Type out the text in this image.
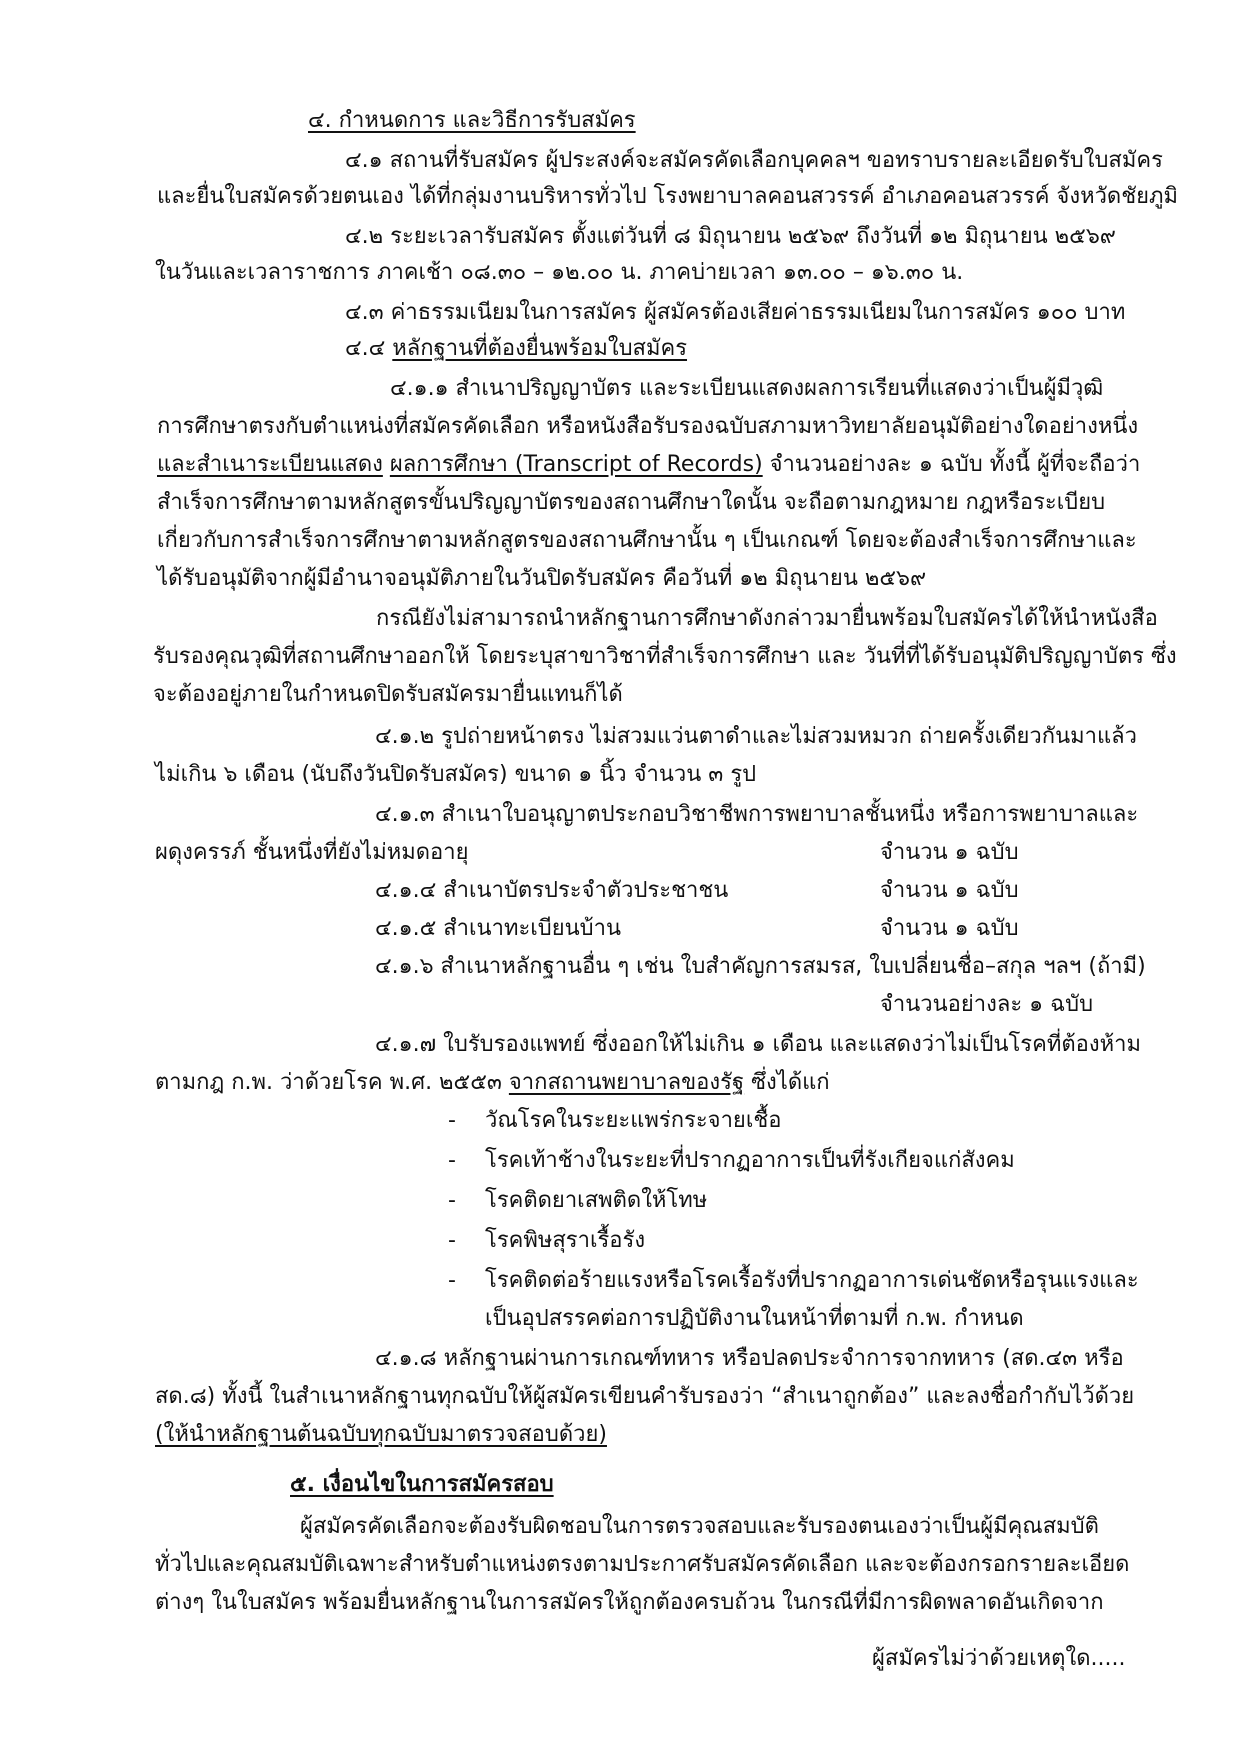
๔. กำหนดการ และวิธีการรับสมัคร
๔.๑ สถานที่รับสมัคร ผู้ประสงค์จะสมัครคัดเลือกบุคคลฯ ขอทราบรายละเอียดรับใบสมัคร
และยื่นใบสมัครด้วยตนเอง ได้ที่กลุ่มงานบริหารทั่วไป โรงพยาบาลคอนสวรรค์ อำเภอคอนสวรรค์ จังหวัดชัยภูมิ
๔.๒ ระยะเวลารับสมัคร ตั้งแต่วันที่ ๘ มิถุนายน ๒๕๖๙ ถึงวันที่ ๑๒ มิถุนายน ๒๕๖๙
ในวันและเวลาราชการ ภาคเช้า ๐๘.๓๐ – ๑๒.๐๐ น. ภาคบ่ายเวลา ๑๓.๐๐ – ๑๖.๓๐ น.
๔.๓ ค่าธรรมเนียมในการสมัคร ผู้สมัครต้องเสียค่าธรรมเนียมในการสมัคร ๑๐๐ บาท
๔.๔ หลักฐานที่ต้องยื่นพร้อมใบสมัคร
๔.๑.๑ สำเนาปริญญาบัตร และระเบียนแสดงผลการเรียนที่แสดงว่าเป็นผู้มีวุฒิ
การศึกษาตรงกับตำแหน่งที่สมัครคัดเลือก หรือหนังสือรับรองฉบับสภามหาวิทยาลัยอนุมัติอย่างใดอย่างหนึ่ง
และสำเนาระเบียนแสดง ผลการศึกษา (Transcript of Records) จำนวนอย่างละ ๑ ฉบับ ทั้งนี้ ผู้ที่จะถือว่า
สำเร็จการศึกษาตามหลักสูตรขั้นปริญญาบัตรของสถานศึกษาใดนั้น จะถือตามกฎหมาย กฎหรือระเบียบ
เกี่ยวกับการสำเร็จการศึกษาตามหลักสูตรของสถานศึกษานั้น ๆ เป็นเกณฑ์ โดยจะต้องสำเร็จการศึกษาและ
ได้รับอนุมัติจากผู้มีอำนาจอนุมัติภายในวันปิดรับสมัคร คือวันที่ ๑๒ มิถุนายน ๒๕๖๙
กรณียังไม่สามารถนำหลักฐานการศึกษาดังกล่าวมายื่นพร้อมใบสมัครได้ให้นำหนังสือ
รับรองคุณวุฒิที่สถานศึกษาออกให้ โดยระบุสาขาวิชาที่สำเร็จการศึกษา และ วันที่ที่ได้รับอนุมัติปริญญาบัตร ซึ่ง
จะต้องอยู่ภายในกำหนดปิดรับสมัครมายื่นแทนก็ได้
๔.๑.๒ รูปถ่ายหน้าตรง ไม่สวมแว่นตาดำและไม่สวมหมวก ถ่ายครั้งเดียวกันมาแล้ว
ไม่เกิน ๖ เดือน (นับถึงวันปิดรับสมัคร) ขนาด ๑ นิ้ว จำนวน ๓ รูป
๔.๑.๓ สำเนาใบอนุญาตประกอบวิชาชีพการพยาบาลชั้นหนึ่ง หรือการพยาบาลและ
ผดุงครรภ์ ชั้นหนึ่งที่ยังไม่หมดอายุ	จำนวน ๑ ฉบับ
๔.๑.๔ สำเนาบัตรประจำตัวประชาชน	จำนวน ๑ ฉบับ
๔.๑.๕ สำเนาทะเบียนบ้าน	จำนวน ๑ ฉบับ
๔.๑.๖ สำเนาหลักฐานอื่น ๆ เช่น ใบสำคัญการสมรส, ใบเปลี่ยนชื่อ–สกุล ฯลฯ (ถ้ามี)
จำนวนอย่างละ ๑ ฉบับ
๔.๑.๗ ใบรับรองแพทย์ ซึ่งออกให้ไม่เกิน ๑ เดือน และแสดงว่าไม่เป็นโรคที่ต้องห้าม
ตามกฎ ก.พ. ว่าด้วยโรค พ.ศ. ๒๕๕๓ จากสถานพยาบาลของรัฐ ซึ่งได้แก่
- วัณโรคในระยะแพร่กระจายเชื้อ
- โรคเท้าช้างในระยะที่ปรากฏอาการเป็นที่รังเกียจแก่สังคม
- โรคติดยาเสพติดให้โทษ
- โรคพิษสุราเรื้อรัง
- โรคติดต่อร้ายแรงหรือโรคเรื้อรังที่ปรากฏอาการเด่นชัดหรือรุนแรงและ
เป็นอุปสรรคต่อการปฏิบัติงานในหน้าที่ตามที่ ก.พ. กำหนด
๔.๑.๘ หลักฐานผ่านการเกณฑ์ทหาร หรือปลดประจำการจากทหาร (สด.๔๓ หรือ
สด.๘) ทั้งนี้ ในสำเนาหลักฐานทุกฉบับให้ผู้สมัครเขียนคำรับรองว่า “สำเนาถูกต้อง” และลงชื่อกำกับไว้ด้วย
(ให้นำหลักฐานต้นฉบับทุกฉบับมาตรวจสอบด้วย)
๕. เงื่อนไขในการสมัครสอบ
ผู้สมัครคัดเลือกจะต้องรับผิดชอบในการตรวจสอบและรับรองตนเองว่าเป็นผู้มีคุณสมบัติ
ทั่วไปและคุณสมบัติเฉพาะสำหรับตำแหน่งตรงตามประกาศรับสมัครคัดเลือก และจะต้องกรอกรายละเอียด
ต่างๆ ในใบสมัคร พร้อมยื่นหลักฐานในการสมัครให้ถูกต้องครบถ้วน ในกรณีที่มีการผิดพลาดอันเกิดจาก
ผู้สมัครไม่ว่าด้วยเหตุใด.....
